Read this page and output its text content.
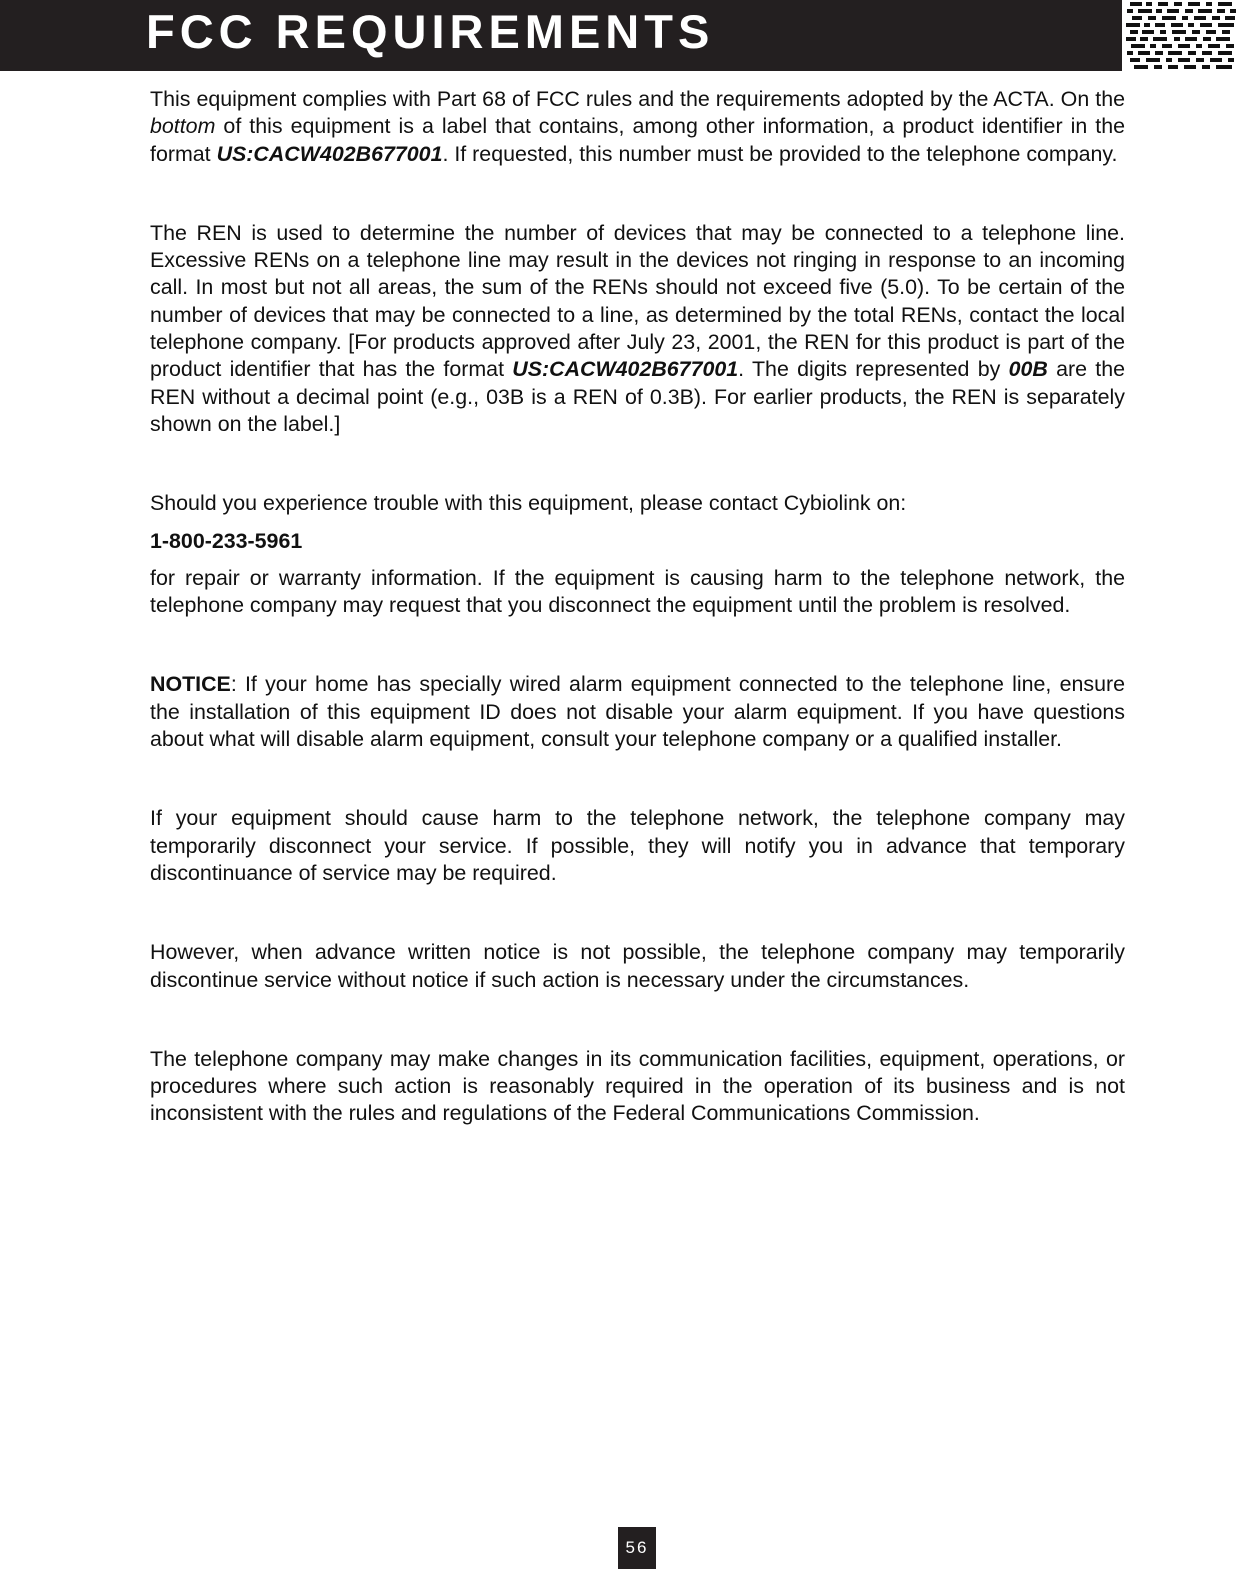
FCC REQUIREMENTS

This equipment complies with Part 68 of FCC rules and the requirements adopted by the ACTA. On the bottom of this equipment is a label that contains, among other information, a product identifier in the format US:CACW402B677001. If requested, this number must be provided to the telephone company.

The REN is used to determine the number of devices that may be connected to a telephone line. Excessive RENs on a telephone line may result in the devices not ringing in response to an incoming call. In most but not all areas, the sum of the RENs should not exceed five (5.0). To be certain of the number of devices that may be connected to a line, as determined by the total RENs, contact the local telephone company. [For products approved after July 23, 2001, the REN for this product is part of the product identifier that has the format US:CACW402B677001. The digits represented by 00B are the REN without a decimal point (e.g., 03B is a REN of 0.3B). For earlier products, the REN is separately shown on the label.]

Should you experience trouble with this equipment, please contact Cybiolink on:

1-800-233-5961

for repair or warranty information. If the equipment is causing harm to the telephone network, the telephone company may request that you disconnect the equipment until the problem is resolved.

NOTICE: If your home has specially wired alarm equipment connected to the telephone line, ensure the installation of this equipment ID does not disable your alarm equipment. If you have questions about what will disable alarm equipment, consult your telephone company or a qualified installer.

If your equipment should cause harm to the telephone network, the telephone company may temporarily disconnect your service. If possible, they will notify you in advance that temporary discontinuance of service may be required.

However, when advance written notice is not possible, the telephone company may temporarily discontinue service without notice if such action is necessary under the circumstances.

The telephone company may make changes in its communication facilities, equipment, operations, or procedures where such action is reasonably required in the operation of its business and is not inconsistent with the rules and regulations of the Federal Communications Commission.

56
